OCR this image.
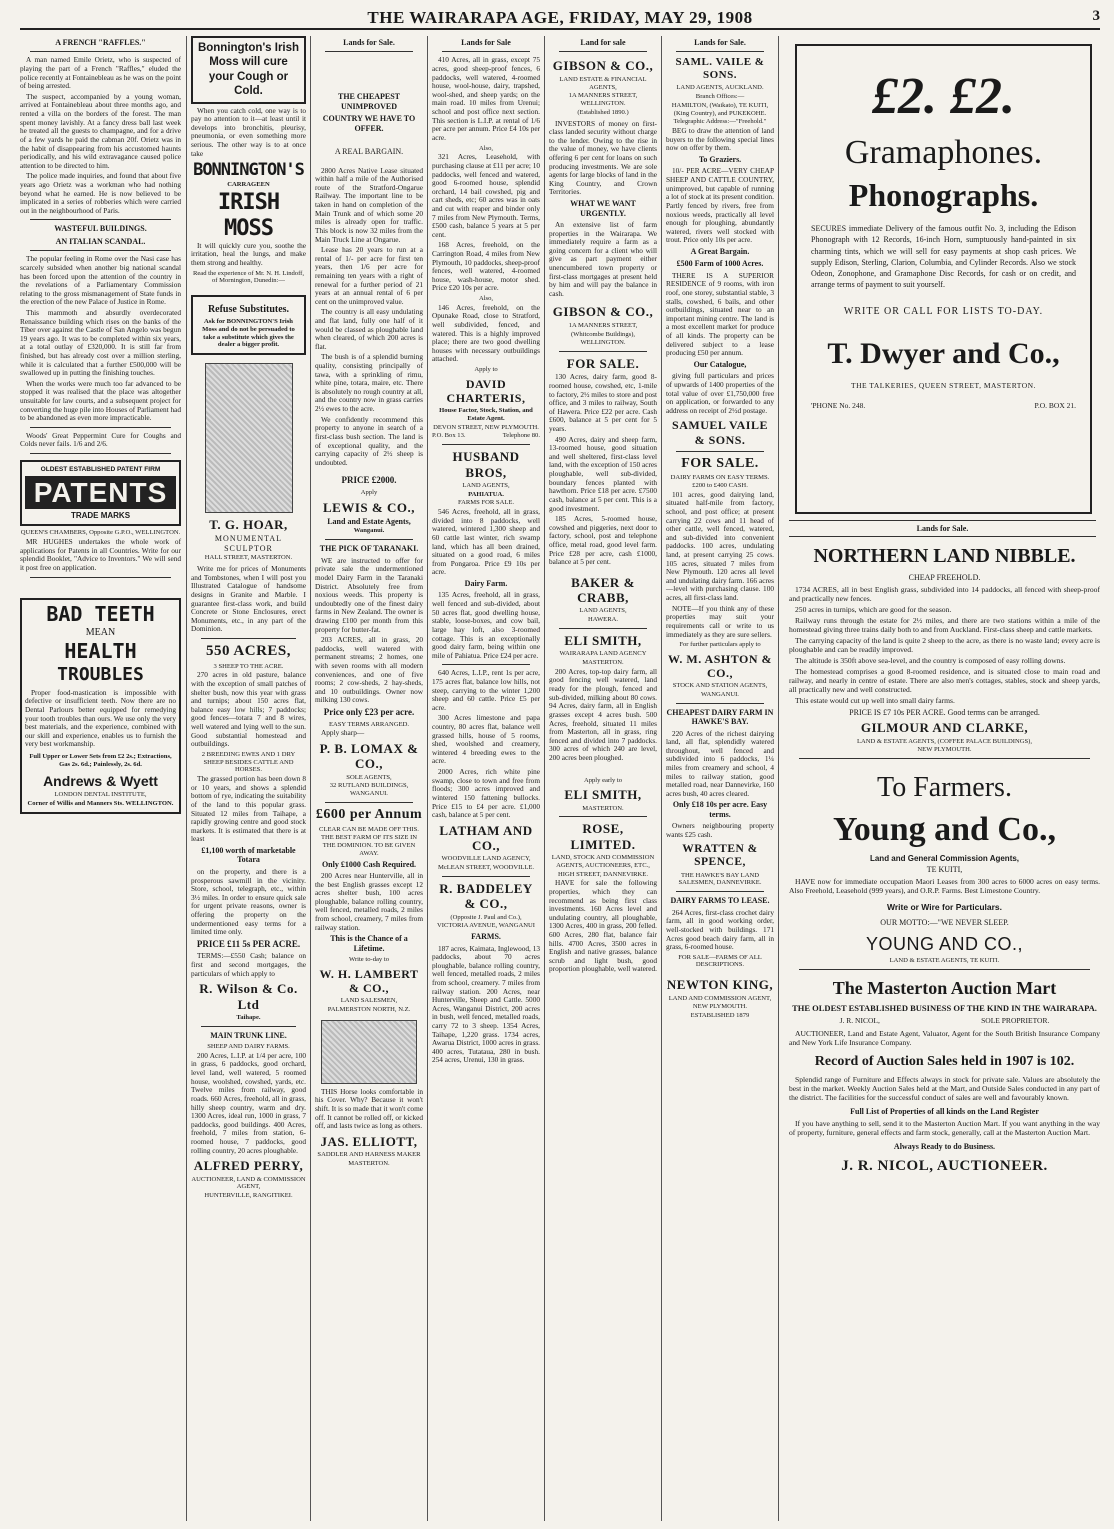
THE WAIRARAPA AGE, FRIDAY, MAY 29, 1908	3
A FRENCH "RAFFLES."
A man named Emile Orietz, who is suspected of playing the part of a French "Raffles," eluded the police recently at Fontainebleau as he was on the point of being arrested.
The suspect, accompanied by a young woman, arrived at Fontainebleau about three months ago, and rented a villa on the borders of the forest. The man spent money lavishly. At a fancy dress ball last week he treated all the guests to champagne, and for a drive of a few yards he paid the cabman 20f. Orietz was in the habit of disappearing from his accustomed haunts periodically, and his wild extravagance caused police attention to be directed to him.
The police made inquiries, and found that about five years ago Orietz was a workman who had nothing beyond what he earned. He is now believed to be implicated in a series of robberies which were carried out in the neighbourhood of Paris.
WASTEFUL BUILDINGS.
AN ITALIAN SCANDAL.
The popular feeling in Rome over the Nasi case has scarcely subsided when another big national scandal has been forced upon the attention of the country in the revelations of a Parliamentary Commission relating to the gross mismanagement of State funds in the erection of the new Palace of Justice in Rome.
This mammoth and absurdly overdecorated Renaissance building which rises on the banks of the Tiber over against the Castle of San Angelo was begun 19 years ago. It was to be completed within six years, at a total outlay of £320,000. It is still far from finished, but has already cost over a million sterling, while it is calculated that a further £500,000 will be swallowed up in putting the finishing touches.
When the works were much too far advanced to be stopped it was realised that the place was altogether unsuitable for law courts, and a subsequent project for converting the huge pile into Houses of Parliament had to be abandoned as even more impracticable.
Woods' Great Peppermint Cure for Coughs and Colds never fails. 1/6 and 2/6.
OLDEST ESTABLISHED PATENT FIRM
PATENTS
TRADE MARKS
QUEEN'S CHAMBERS, Opposite G.P.O., WELLINGTON.
MR HUGHES undertakes the whole work of applications for Patents in all Countries. Write for our splendid Booklet, "Advice to Inventors." We will send it post free on application.
BAD TEETH
MEAN
HEALTH
TROUBLES
Proper food-mastication is impossible with defective or insufficient teeth. Now there are no Dental Parlours better equipped for remedying your tooth troubles than ours. We use only the very best materials, and the experience, combined with our skill and experience, enables us to furnish the very best workmanship.
Full Upper or Lower Sets from £2 2s.; Extractions, Gas 2s. 6d.; Painlessly, 2s. 6d.
Andrews & Wyett
LONDON DENTAL INSTITUTE,
Corner of Willis and Manners Sts. WELLINGTON.
Bonnington's Irish Moss will cure your Cough or Cold.
When you catch cold, one way is to pay no attention to it—at least until it develops into bronchitis, pleurisy, pneumonia, or even something more serious. The other way is to at once take
BONNINGTON'S
CARRAGEEN
IRISH MOSS
It will quickly cure you, soothe the irritation, heal the lungs, and make them strong and healthy.
Read the experience of Mr. N. H. Lindoff, of Mornington, Dunedin:—
Refuse Substitutes.
Ask for BONNINGTON'S Irish Moss and do not be persuaded to take a substitute which gives the dealer a bigger profit.
T. G. HOAR,
MONUMENTAL SCULPTOR
HALL STREET, MASTERTON.
Write me for prices of Monuments and Tombstones, when I will post you Illustrated Catalogue of handsome designs in Granite and Marble. I guarantee first-class work, and build Concrete or Stone Enclosures, erect Monuments, etc., in any part of the Dominion.
550 ACRES,
3 SHEEP TO THE ACRE.
270 acres in old pasture, balance with the exception of small patches of shelter bush, now this year with grass and turnips; about 150 acres flat, balance easy low hills; 7 paddocks; good fences—totara 7 and 8 wires, well watered and lying well to the sun. Good substantial homestead and outbuildings.
2 BREEDING EWES AND 1 DRY SHEEP BESIDES CATTLE AND HORSES.
The grassed portion has been down 8 or 10 years, and shows a splendid bottom of rye, indicating the suitability of the land to this popular grass. Situated 12 miles from Taihape, a rapidly growing centre and good stock markets. It is estimated that there is at least
£1,100 worth of marketable Totara
on the property, and there is a prosperous sawmill in the vicinity. Store, school, telegraph, etc., within 3½ miles. In order to ensure quick sale for urgent private reasons, owner is offering the property on the undermentioned easy terms for a limited time only.
PRICE £11 5s PER ACRE.
TERMS:—£550 Cash; balance on first and second mortgages, the particulars of which apply to
R. Wilson & Co. Ltd
Taihape.
MAIN TRUNK LINE.
SHEEP AND DAIRY FARMS.
200 Acres, L.I.P. at 1/4 per acre, 100 in grass, 6 paddocks, good orchard, level land, well watered, 5 roomed house, woolshed, cowshed, yards, etc. Twelve miles from railway, good roads. 660 Acres, freehold, all in grass, hilly sheep country, warm and dry. 1300 Acres, ideal run, 1000 in grass, 7 paddocks, good buildings. 400 Acres, freehold, 7 miles from station, 6-roomed house, 7 paddocks, good rolling country, 20 acres ploughable.
ALFRED PERRY,
AUCTIONEER, LAND & COMMISSION AGENT,
HUNTERVILLE, RANGITIKEI.
Lands for Sale.
THE CHEAPEST UNIMPROVED
COUNTRY WE HAVE TO OFFER.
A REAL BARGAIN.
2800 Acres Native Lease situated within half a mile of the Authorised route of the Stratford-Ongarue Railway. The important line to be taken in hand on completion of the Main Trunk and of which some 20 miles is already open for traffic. This block is now 32 miles from the Main Truck Line at Ongarue.
Lease has 20 years to run at a rental of 1/- per acre for first ten years, then 1/6 per acre for remaining ten years with a right of renewal for a further period of 21 years at an annual rental of 6 per cent on the unimproved value.
The country is all easy undulating and flat land, fully one half of it would be classed as ploughable land when cleared, of which 200 acres is flat.
The bush is of a splendid burning quality, consisting principally of tawa, with a sprinkling of rimu, white pine, totara, maire, etc. There is absolutely no rough country at all, and the country now in grass carries 2½ ewes to the acre.
We confidently recommend this property to anyone in search of a first-class bush section. The land is of exceptional quality, and the carrying capacity of 2½ sheep is undoubted.
PRICE £2000.
Apply
LEWIS & CO.,
Land and Estate Agents,
Wanganui.
THE PICK OF TARANAKI.
WE are instructed to offer for private sale the undermentioned model Dairy Farm in the Taranaki District. Absolutely free from noxious weeds. This property is undoubtedly one of the finest dairy farms in New Zealand. The owner is drawing £100 per month from this property for butter-fat.
203 ACRES, all in grass, 20 paddocks, well watered with permanent streams; 2 homes, one with seven rooms with all modern conveniences, and one of five rooms; 2 cow-sheds, 2 hay-sheds, and 10 outbuildings. Owner now milking 130 cows.
Price only £23 per acre.
EASY TERMS ARRANGED.
Apply sharp—
P. B. LOMAX & CO.,
SOLE AGENTS,
32 RUTLAND BUILDINGS, WANGANUI.
£600 per Annum
CLEAR CAN BE MADE OFF THIS.
THE BEST FARM OF ITS SIZE IN THE DOMINION. TO BE GIVEN AWAY.
Only £1000 Cash Required.
200 Acres near Hunterville, all in the best English grasses except 12 acres shelter bush, 100 acres ploughable, balance rolling country, well fenced, metalled roads, 2 miles from school, creamery, 7 miles from railway station.
This is the Chance of a Lifetime.
Write to-day to
W. H. LAMBERT & CO.,
LAND SALESMEN,
PALMERSTON NORTH, N.Z.
THIS Horse looks comfortable in his Cover. Why? Because it won't shift. It is so made that it won't come off. It cannot be rolled off, or kicked off, and lasts twice as long as others.
JAS. ELLIOTT,
SADDLER AND HARNESS MAKER
MASTERTON.
Lands for Sale
410 Acres, all in grass, except 75 acres, good sheep-proof fences, 6 paddocks, well watered, 4-roomed house, wool-house, dairy, trapshed, wool-shed, and sheep yards; on the main road. 10 miles from Urenui; school and post office next section. This section is L.I.P. at rental of 1/6 per acre per annum. Price £4 10s per acre.
Also,
321 Acres, Leasehold, with purchasing clause at £11 per acre; 10 paddocks, well fenced and watered, good 6-roomed house, splendid orchard, 14 bail cowshed, pig and cart sheds, etc; 60 acres was in oats and cut with reaper and binder only 7 miles from New Plymouth. Terms, £500 cash, balance 5 years at 5 per cent.
168 Acres, freehold, on the Carrington Road, 4 miles from New Plymouth, 10 paddocks, sheep-proof fences, well watered, 4-roomed house, wash-house, motor shed. Price £20 10s per acre.
Also,
146 Acres, freehold, on the Opunake Road, close to Stratford, well subdivided, fenced, and watered. This is a highly improved place; there are two good dwelling houses with necessary outbuildings attached.
Apply to
DAVID CHARTERIS,
House Factor, Stock, Station, and Estate Agent.
DEVON STREET, NEW PLYMOUTH.
P.O. Box 13.	Telephone 80.
HUSBAND BROS,
LAND AGENTS,
PAHIATUA.
FARMS FOR SALE.
546 Acres, freehold, all in grass, divided into 8 paddocks, well watered, wintered 1,300 sheep and 60 cattle last winter, rich swamp land, which has all been drained, situated on a good road, 6 miles from Pongaroa. Price £9 10s per acre.
Dairy Farm.
135 Acres, freehold, all in grass, well fenced and sub-divided, about 50 acres flat, good dwelling house, stable, loose-boxes, and cow bail, large hay loft, also 3-roomed cottage. This is an exceptionally good dairy farm, being within one mile of Pahiatua. Price £24 per acre.
640 Acres, L.I.P., rent 1s per acre, 175 acres flat, balance low hills, not steep, carrying to the winter 1,200 sheep and 60 cattle. Price £5 per acre.
300 Acres limestone and papa country, 80 acres flat, balance well grassed hills, house of 5 rooms, shed, woolshed and creamery, wintered 4 breeding ewes to the acre.
2000 Acres, rich white pine swamp, close to town and free from floods; 300 acres improved and wintered 150 fattening bullocks. Price £15 to £4 per acre. £1,000 cash, balance at 5 per cent.
LATHAM AND CO.,
WOODVILLE LAND AGENCY,
McLEAN STREET, WOODVILLE.
R. BADDELEY & CO.,
(Opposite J. Paul and Co.),
VICTORIA AVENUE, WANGANUI
FARMS.
187 acres, Kaimata, Inglewood, 13 paddocks, about 70 acres ploughable, balance rolling country, well fenced, metalled roads, 2 miles from school, creamery. 7 miles from railway station. 200 Acres, near Hunterville, Sheep and Cattle. 5000 Acres, Wanganui District, 200 acres in bush, well fenced, metalled roads, carry 72 to 3 sheep. 1354 Acres, Taihape, 1,220 grass. 1734 acres, Awarua District, 1000 acres in grass. 400 acres, Tutataua, 280 in bush. 254 acres, Urenui, 130 in grass.
Land for sale
GIBSON & CO.,
LAND ESTATE & FINANCIAL AGENTS,
1A MANNERS STREET, WELLINGTON.
(Established 1890.)
INVESTORS of money on first-class landed security without charge to the lender. Owing to the rise in the value of money, we have clients offering 6 per cent for loans on such producing investments. We are sole agents for large blocks of land in the King Country, and Crown Territories.
WHAT WE WANT URGENTLY.
An extensive list of farm properties in the Wairarapa. We immediately require a farm as a going concern for a client who will give as part payment either unencumbered town property or first-class mortgages at present held by him and will pay the balance in cash.
GIBSON & CO.,
1A MANNERS STREET,
(Whitcombe Buildings),
WELLINGTON.
FOR SALE.
130 Acres, dairy farm, good 8-roomed house, cowshed, etc, 1-mile to factory, 2½ miles to store and post office, and 3 miles to railway, South of Hawera. Price £22 per acre. Cash £600, balance at 5 per cent for 5 years.
490 Acres, dairy and sheep farm, 13-roomed house, good situation and well sheltered, first-class level land, with the exception of 150 acres ploughable, well sub-divided, boundary fences planted with hawthorn. Price £18 per acre. £7500 cash, balance at 5 per cent. This is a good investment.
185 Acres, 5-roomed house, cowshed and piggeries, next door to factory, school, post and telephone office, metal road, good level farm. Price £28 per acre, cash £1000, balance at 5 per cent.
BAKER & CRABB,
LAND AGENTS,
HAWERA.
ELI SMITH,
WAIRARAPA LAND AGENCY
MASTERTON.
200 Acres, top-top dairy farm, all good fencing well watered, land ready for the plough, fenced and sub-divided, milking about 80 cows. 94 Acres, dairy farm, all in English grasses except 4 acres bush. 500 Acres, freehold, situated 11 miles from Masterton, all in grass, ring fenced and divided into 7 paddocks. 300 acres of which 240 are level, 200 acres been ploughed.
Apply early to
ELI SMITH,
MASTERTON.
ROSE, LIMITED.
LAND, STOCK AND COMMISSION AGENTS, AUCTIONEERS, ETC.,
HIGH STREET, DANNEVIRKE.
HAVE for sale the following properties, which they can recommend as being first class investments. 160 Acres level and undulating country, all ploughable, 1300 Acres, 400 in grass, 200 felled. 600 Acres, 280 flat, balance fair hills. 4700 Acres, 3500 acres in English and native grasses, balance scrub and light bush, good proportion ploughable, well watered.
Lands for Sale.
SAML. VAILE & SONS.
LAND AGENTS, AUCKLAND.
Branch Offices:—
HAMILTON, (Waikato), TE KUITI, (King Country), and PUKEKOHE.
Telegraphic Address:—"Freehold."
BEG to draw the attention of land buyers to the following special lines now on offer by them.
To Graziers.
10/- PER ACRE—VERY CHEAP SHEEP AND CATTLE COUNTRY, unimproved, but capable of running a lot of stock at its present condition. Partly fenced by rivers, free from noxious weeds, practically all level enough for ploughing, abundantly watered, rivers well stocked with trout. Price only 10s per acre.
A Great Bargain.
£500 Farm of 1000 Acres.
THERE IS A SUPERIOR RESIDENCE of 9 rooms, with iron roof, one storey, substantial stable, 3 stalls, cowshed, 6 bails, and other outbuildings, situated near to an important mining centre. The land is a most excellent market for produce of all kinds. The property can be delivered subject to a lease producing £50 per annum.
Our Catalogue,
giving full particulars and prices of upwards of 1400 properties of the total value of over £1,750,000 free on application, or forwarded to any address on receipt of 2½d postage.
SAMUEL VAILE & SONS.
FOR SALE.
DAIRY FARMS ON EASY TERMS. £200 to £400 CASH.
101 acres, good dairying land, situated half-mile from factory, school, and post office; at present carrying 22 cows and 11 head of other cattle, well fenced, watered, and sub-divided into convenient paddocks. 100 acres, undulating land, at present carrying 25 cows. 105 acres, situated 7 miles from New Plymouth. 120 acres all level and undulating dairy farm. 166 acres—level with purchasing clause. 100 acres, all first-class land.
NOTE—If you think any of these properties may suit your requirements call or write to us immediately as they are sure sellers.
For further particulars apply to
W. M. ASHTON & CO.,
STOCK AND STATION AGENTS,
WANGANUI.
CHEAPEST DAIRY FARM IN HAWKE'S BAY.
220 Acres of the richest dairying land, all flat, splendidly watered throughout, well fenced and subdivided into 6 paddocks, 1¼ miles from creamery and school, 4 miles to railway station, good metalled road, near Dannevirke, 160 acres bush, 40 acres cleared.
Only £18 10s per acre. Easy terms.
Owners neighbouring property wants £25 cash.
WRATTEN & SPENCE,
THE HAWKE'S BAY LAND SALESMEN, DANNEVIRKE.
DAIRY FARMS TO LEASE.
264 Acres, first-class crochet dairy farm, all in good working order, well-stocked with buildings. 171 Acres good beach dairy farm, all in grass, 6-roomed house.
FOR SALE—FARMS OF ALL DESCRIPTIONS.
NEWTON KING,
LAND AND COMMISSION AGENT,
NEW PLYMOUTH.
ESTABLISHED 1879
£2. £2.
Gramaphones.
Phonographs.
SECURES immediate Delivery of the famous outfit No. 3, including the Edison Phonograph with 12 Records, 16-inch Horn, sumptuously hand-painted in six charming tints, which we will sell for easy payments at shop cash prices. We supply Edison, Sterling, Clarion, Columbia, and Cylinder Records. Also we stock Odeon, Zonophone, and Gramaphone Disc Records, for cash or on credit, and arrange terms of payment to suit yourself.
WRITE OR CALL FOR LISTS TO-DAY.
T. Dwyer and Co.,
THE TALKERIES, QUEEN STREET, MASTERTON.
'PHONE No. 248.	P.O. BOX 21.
Lands for Sale.
NORTHERN LAND NIBBLE.
CHEAP FREEHOLD.
1734 ACRES, all in best English grass, subdivided into 14 paddocks, all fenced with sheep-proof and practically new fences.
250 acres in turnips, which are good for the season.
Railway runs through the estate for 2½ miles, and there are two stations within a mile of the homestead giving three trains daily both to and from Auckland. First-class sheep and cattle markets.
The carrying capacity of the land is quite 2 sheep to the acre, as there is no waste land; every acre is ploughable and can be readily improved.
The altitude is 350ft above sea-level, and the country is composed of easy rolling downs.
The homestead comprises a good 8-roomed residence, and is situated close to main road and railway, and nearly in centre of estate. There are also men's cottages, stables, stock and sheep yards, all practically new and well constructed.
This estate would cut up well into small dairy farms.
PRICE IS £7 10s PER ACRE. Good terms can be arranged.
GILMOUR AND CLARKE,
LAND & ESTATE AGENTS, (COFFEE PALACE BUILDINGS),
NEW PLYMOUTH.
To Farmers.
Young and Co.,
Land and General Commission Agents,
TE KUITI,
HAVE now for immediate occupation Maori Leases from 300 acres to 6000 acres on easy terms. Also Freehold, Leasehold (999 years), and O.R.P. Farms. Best Limestone Country.
Write or Wire for Particulars.
OUR MOTTO:—"WE NEVER SLEEP.
YOUNG AND CO.,
LAND & ESTATE AGENTS, TE KUITI.
The Masterton Auction Mart
THE OLDEST ESTABLISHED BUSINESS OF THE KIND IN THE WAIRARAPA.
J. R. NICOL,	SOLE PROPRIETOR.
AUCTIONEER, Land and Estate Agent, Valuator, Agent for the South British Insurance Company and New York Life Insurance Company.
Record of Auction Sales held in 1907 is 102.
Splendid range of Furniture and Effects always in stock for private sale. Values are absolutely the best in the market. Weekly Auction Sales held at the Mart, and Outside Sales conducted in any part of the district. The facilities for the successful conduct of sales are well and favourably known.
Full List of Properties of all kinds on the Land Register
If you have anything to sell, send it to the Masterton Auction Mart. If you want anything in the way of property, furniture, general effects and farm stock, generally, call at the Masterton Auction Mart.
Always Ready to do Business.
J. R. NICOL, AUCTIONEER.
